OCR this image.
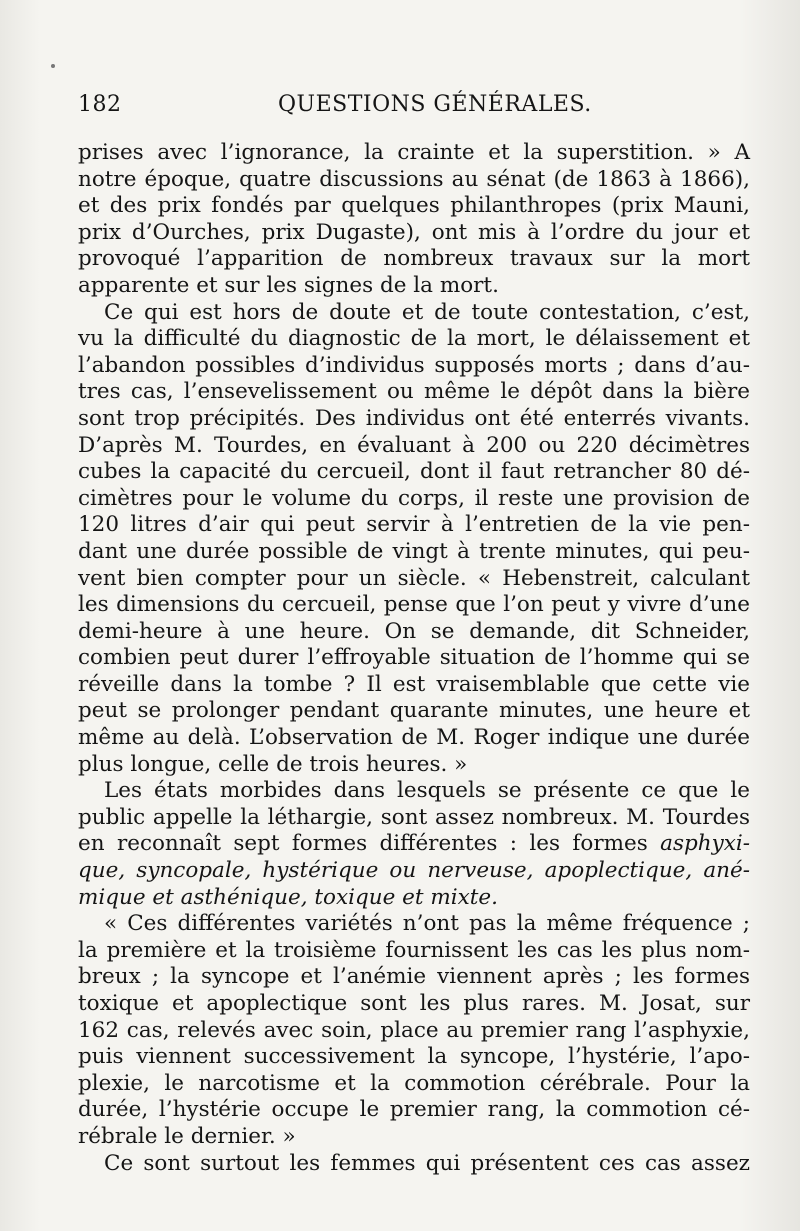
182	QUESTIONS GÉNÉRALES.
prises avec l’ignorance, la crainte et la superstition. » A
notre époque, quatre discussions au sénat (de 1863 à 1866),
et des prix fondés par quelques philanthropes (prix Mauni,
prix d’Ourches, prix Dugaste), ont mis à l’ordre du jour et
provoqué l’apparition de nombreux travaux sur la mort
apparente et sur les signes de la mort.
Ce qui est hors de doute et de toute contestation, c’est,
vu la difficulté du diagnostic de la mort, le délaissement et
l’abandon possibles d’individus supposés morts ; dans d’au-
tres cas, l’ensevelissement ou même le dépôt dans la bière
sont trop précipités. Des individus ont été enterrés vivants.
D’après M. Tourdes, en évaluant à 200 ou 220 décimètres
cubes la capacité du cercueil, dont il faut retrancher 80 dé-
cimètres pour le volume du corps, il reste une provision de
120 litres d’air qui peut servir à l’entretien de la vie pen-
dant une durée possible de vingt à trente minutes, qui peu-
vent bien compter pour un siècle. « Hebenstreit, calculant
les dimensions du cercueil, pense que l’on peut y vivre d’une
demi-heure à une heure. On se demande, dit Schneider,
combien peut durer l’effroyable situation de l’homme qui se
réveille dans la tombe ? Il est vraisemblable que cette vie
peut se prolonger pendant quarante minutes, une heure et
même au delà. L’observation de M. Roger indique une durée
plus longue, celle de trois heures. »
Les états morbides dans lesquels se présente ce que le
public appelle la léthargie, sont assez nombreux. M. Tourdes
en reconnaît sept formes différentes : les formes asphyxi-
que, syncopale, hystérique ou nerveuse, apoplectique, ané-
mique et asthénique, toxique et mixte.
« Ces différentes variétés n’ont pas la même fréquence ;
la première et la troisième fournissent les cas les plus nom-
breux ; la syncope et l’anémie viennent après ; les formes
toxique et apoplectique sont les plus rares. M. Josat, sur
162 cas, relevés avec soin, place au premier rang l’asphyxie,
puis viennent successivement la syncope, l’hystérie, l’apo-
plexie, le narcotisme et la commotion cérébrale. Pour la
durée, l’hystérie occupe le premier rang, la commotion cé-
rébrale le dernier. »
Ce sont surtout les femmes qui présentent ces cas assez
